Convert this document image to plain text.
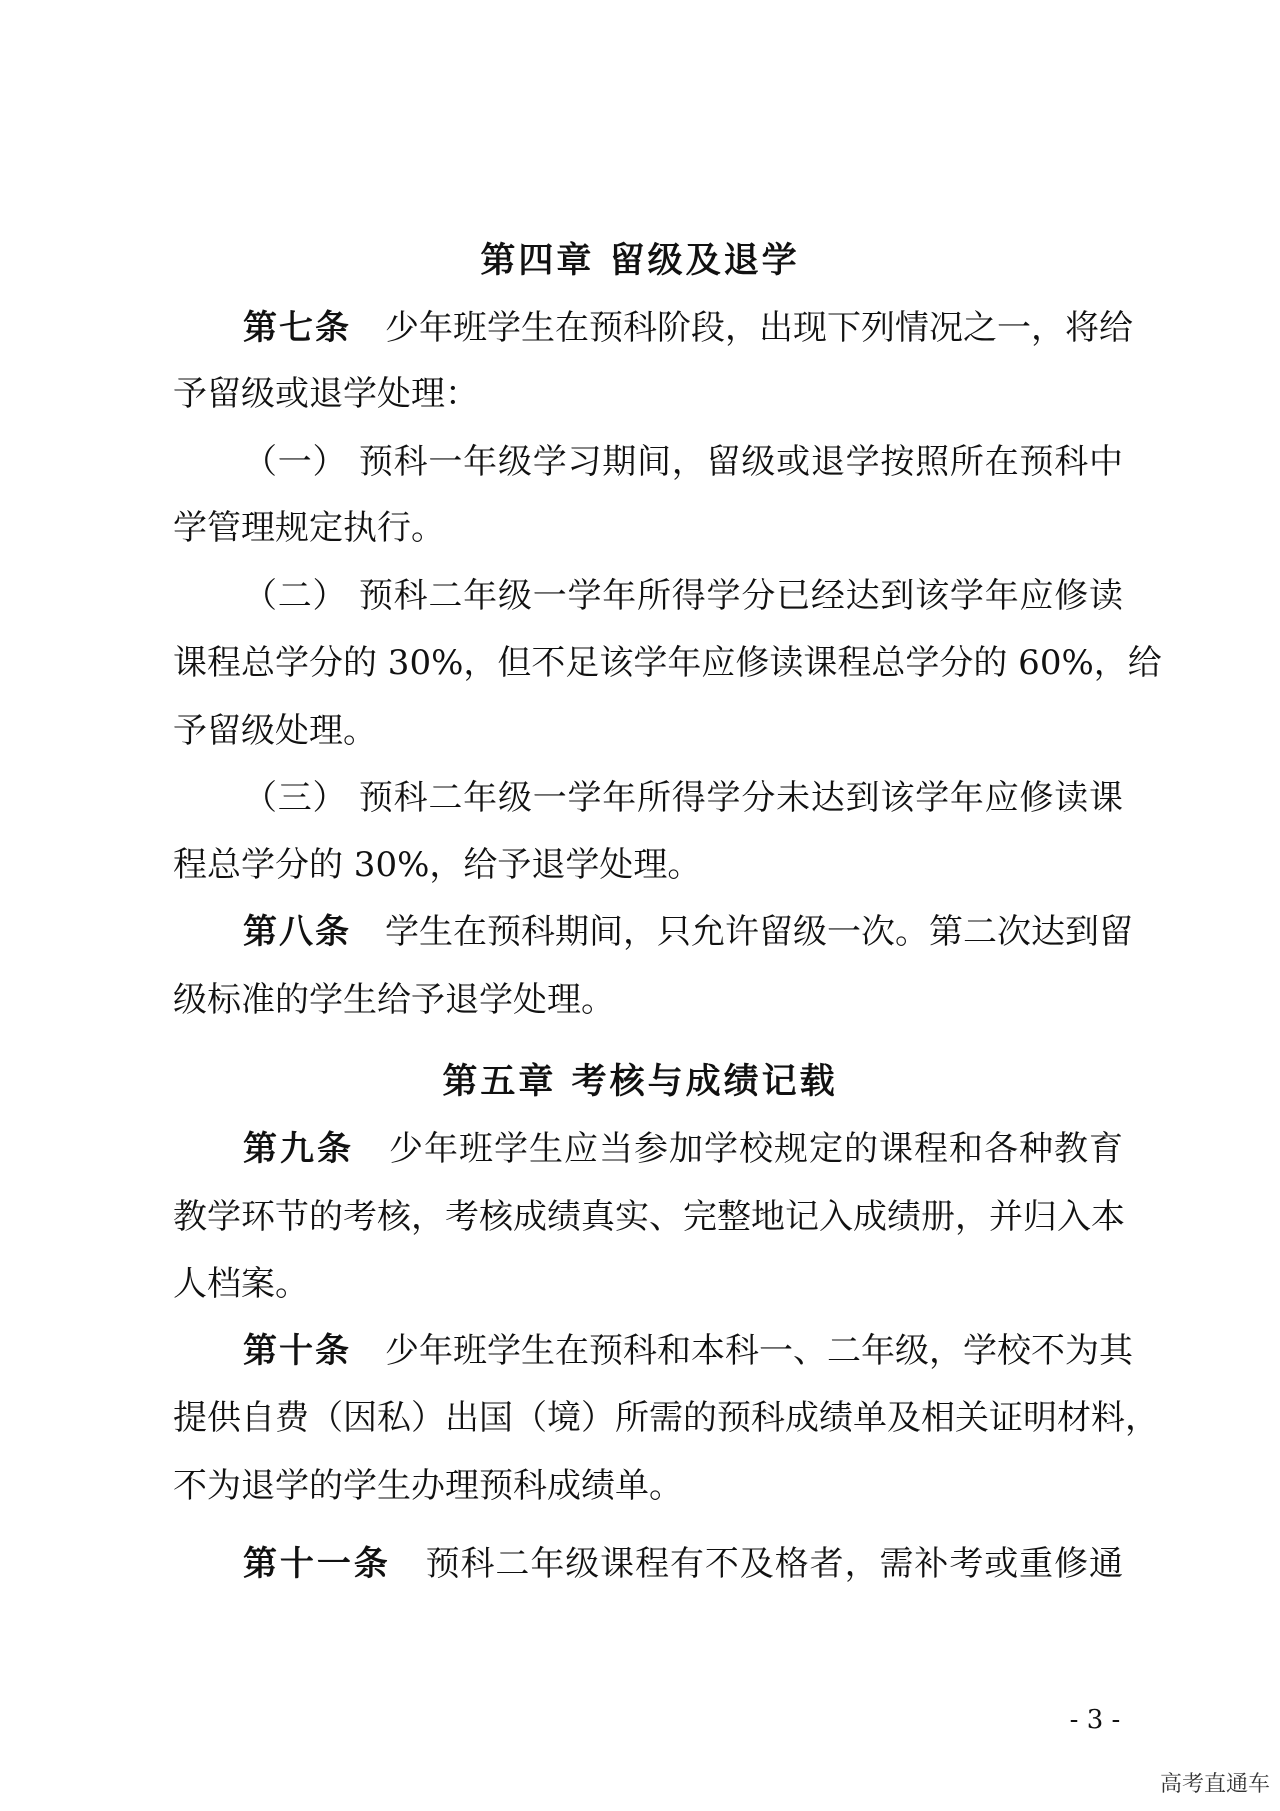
第四章 留级及退学
第七条 少年班学生在预科阶段，出现下列情况之一，将给
予留级或退学处理：
（一） 预科一年级学习期间，留级或退学按照所在预科中
学管理规定执行。
（二） 预科二年级一学年所得学分已经达到该学年应修读
课程总学分的 30%，但不足该学年应修读课程总学分的 60%，给
予留级处理。
（三） 预科二年级一学年所得学分未达到该学年应修读课
程总学分的 30%，给予退学处理。
第八条 学生在预科期间，只允许留级一次。第二次达到留
级标准的学生给予退学处理。
第五章 考核与成绩记载
第九条 少年班学生应当参加学校规定的课程和各种教育
教学环节的考核，考核成绩真实、完整地记入成绩册，并归入本
人档案。
第十条 少年班学生在预科和本科一、二年级，学校不为其
提供自费（因私）出国（境）所需的预科成绩单及相关证明材料，
不为退学的学生办理预科成绩单。
第十一条 预科二年级课程有不及格者，需补考或重修通
- 3 -
高考直通车
